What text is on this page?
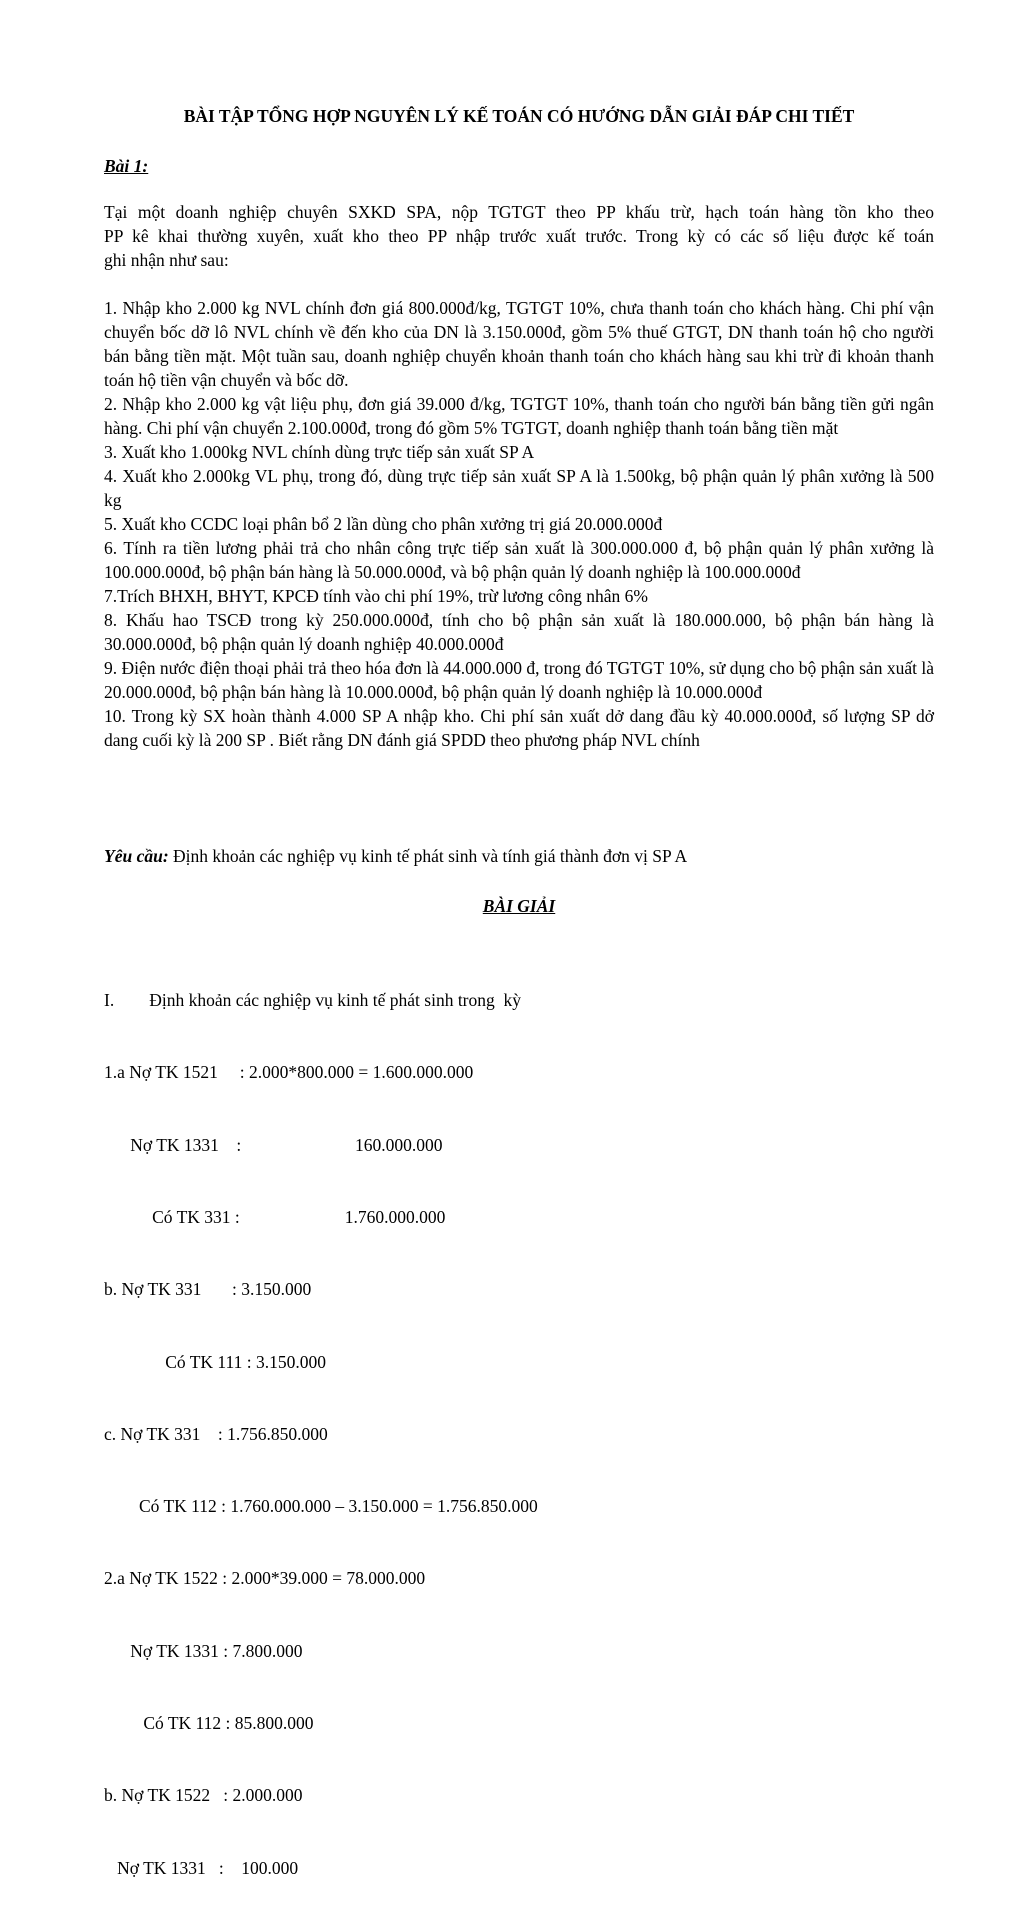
BÀI TẬP TỔNG HỢP NGUYÊN LÝ KẾ TOÁN CÓ HƯỚNG DẪN GIẢI ĐÁP CHI TIẾT
Bài 1:
Tại một doanh nghiệp chuyên SXKD SPA, nộp TGTGT theo PP khấu trừ, hạch toán hàng tồn kho theo
PP kê khai thường xuyên, xuất kho theo PP nhập trước xuất trước. Trong kỳ có các số liệu được kế toán
ghi nhận như sau:

1. Nhập kho 2.000 kg NVL chính đơn giá 800.000đ/kg, TGTGT 10%, chưa thanh toán cho khách hàng. Chi phí vận chuyển bốc dỡ lô NVL chính về đến kho của DN là 3.150.000đ, gồm 5% thuế GTGT, DN thanh toán hộ cho người bán bằng tiền mặt. Một tuần sau, doanh nghiệp chuyển khoản thanh toán cho khách hàng sau khi trừ đi khoản thanh toán hộ tiền vận chuyển và bốc dỡ.

2. Nhập kho 2.000 kg vật liệu phụ, đơn giá 39.000 đ/kg, TGTGT 10%, thanh toán cho người bán bằng tiền gửi ngân hàng. Chi phí vận chuyển 2.100.000đ, trong đó gồm 5% TGTGT, doanh nghiệp thanh toán bằng tiền mặt

3. Xuất kho 1.000kg NVL chính dùng trực tiếp sản xuất SP A

4. Xuất kho 2.000kg VL phụ, trong đó, dùng trực tiếp sản xuất SP A là 1.500kg, bộ phận quản lý phân xưởng là 500 kg

5. Xuất kho CCDC loại phân bổ 2 lần dùng cho phân xưởng trị giá 20.000.000đ

6. Tính ra tiền lương phải trả cho nhân công trực tiếp sản xuất là 300.000.000 đ, bộ phận quản lý phân xưởng là 100.000.000đ, bộ phận bán hàng là 50.000.000đ, và bộ phận quản lý doanh nghiệp là 100.000.000đ

7.Trích BHXH, BHYT, KPCĐ tính vào chi phí 19%, trừ lương công nhân 6%

8. Khấu hao TSCĐ trong kỳ 250.000.000đ, tính cho bộ phận sản xuất là 180.000.000, bộ phận bán hàng là 30.000.000đ, bộ phận quản lý doanh nghiệp 40.000.000đ

9. Điện nước điện thoại phải trả theo hóa đơn là 44.000.000 đ, trong đó TGTGT 10%, sử dụng cho bộ phận sản xuất là 20.000.000đ, bộ phận bán hàng là 10.000.000đ, bộ phận quản lý doanh nghiệp là 10.000.000đ

10. Trong kỳ SX hoàn thành 4.000 SP A nhập kho. Chi phí sản xuất dở dang đầu kỳ 40.000.000đ, số lượng SP dở dang cuối kỳ là 200 SP . Biết rằng DN đánh giá SPDD theo phương pháp NVL chính

Yêu cầu: Định khoản các nghiệp vụ kinh tế phát sinh và tính giá thành đơn vị SP A
BÀI GIẢI

I.        Định khoản các nghiệp vụ kinh tế phát sinh trong  kỳ

1.a Nợ TK 1521     : 2.000*800.000 = 1.600.000.000

Nợ TK 1331    :                          160.000.000

Có TK 331 :                        1.760.000.000

b. Nợ TK 331       : 3.150.000

Có TK 111 : 3.150.000

c. Nợ TK 331    : 1.756.850.000

Có TK 112 : 1.760.000.000 – 3.150.000 = 1.756.850.000

2.a Nợ TK 1522 : 2.000*39.000 = 78.000.000

Nợ TK 1331 : 7.800.000

Có TK 112 : 85.800.000

b. Nợ TK 1522   : 2.000.000

Nợ TK 1331   :    100.000
